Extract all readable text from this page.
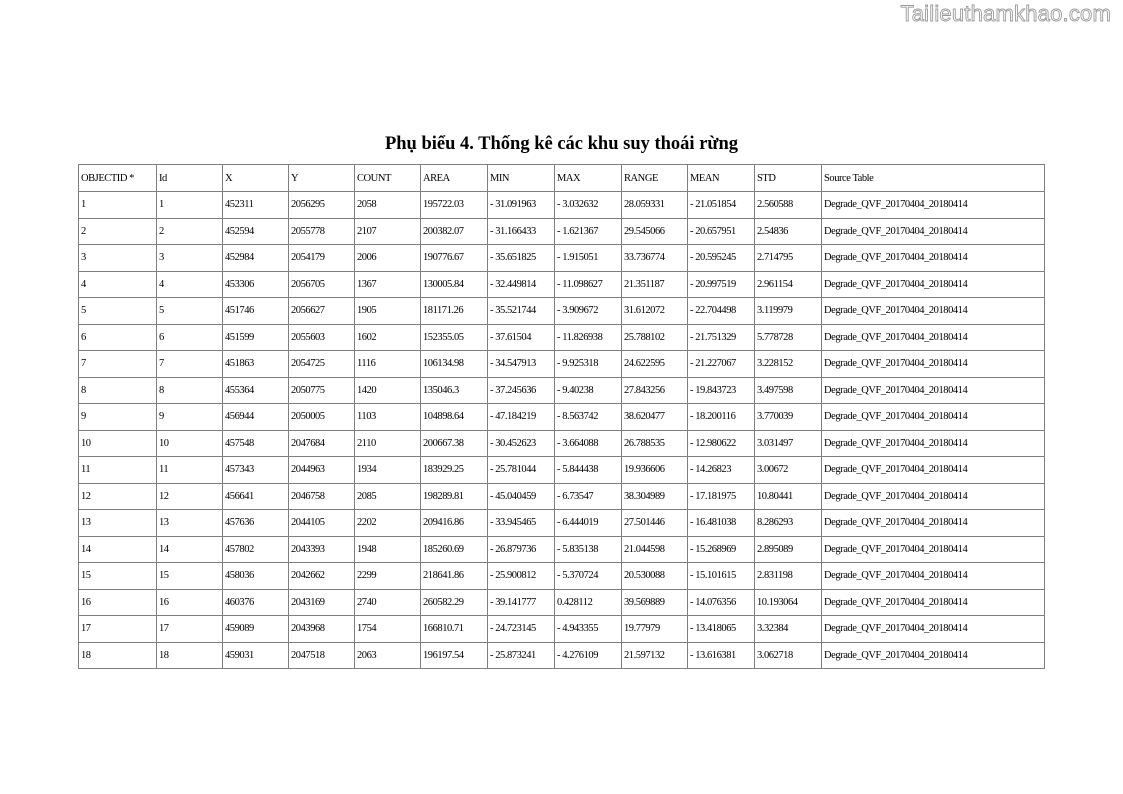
Tailieuthamkhao.com
Phụ biểu 4. Thống kê các khu suy thoái rừng
OBJECTID *	Id	X	Y	COUNT	AREA	MIN	MAX	RANGE	MEAN	STD	Source Table
1	1	452311	2056295	2058	195722.03	- 31.091963	- 3.032632	28.059331	- 21.051854	2.560588	Degrade_QVF_20170404_20180414
2	2	452594	2055778	2107	200382.07	- 31.166433	- 1.621367	29.545066	- 20.657951	2.54836	Degrade_QVF_20170404_20180414
3	3	452984	2054179	2006	190776.67	- 35.651825	- 1.915051	33.736774	- 20.595245	2.714795	Degrade_QVF_20170404_20180414
4	4	453306	2056705	1367	130005.84	- 32.449814	- 11.098627	21.351187	- 20.997519	2.961154	Degrade_QVF_20170404_20180414
5	5	451746	2056627	1905	181171.26	- 35.521744	- 3.909672	31.612072	- 22.704498	3.119979	Degrade_QVF_20170404_20180414
6	6	451599	2055603	1602	152355.05	- 37.61504	- 11.826938	25.788102	- 21.751329	5.778728	Degrade_QVF_20170404_20180414
7	7	451863	2054725	1116	106134.98	- 34.547913	- 9.925318	24.622595	- 21.227067	3.228152	Degrade_QVF_20170404_20180414
8	8	455364	2050775	1420	135046.3	- 37.245636	- 9.40238	27.843256	- 19.843723	3.497598	Degrade_QVF_20170404_20180414
9	9	456944	2050005	1103	104898.64	- 47.184219	- 8.563742	38.620477	- 18.200116	3.770039	Degrade_QVF_20170404_20180414
10	10	457548	2047684	2110	200667.38	- 30.452623	- 3.664088	26.788535	- 12.980622	3.031497	Degrade_QVF_20170404_20180414
11	11	457343	2044963	1934	183929.25	- 25.781044	- 5.844438	19.936606	- 14.26823	3.00672	Degrade_QVF_20170404_20180414
12	12	456641	2046758	2085	198289.81	- 45.040459	- 6.73547	38.304989	- 17.181975	10.80441	Degrade_QVF_20170404_20180414
13	13	457636	2044105	2202	209416.86	- 33.945465	- 6.444019	27.501446	- 16.481038	8.286293	Degrade_QVF_20170404_20180414
14	14	457802	2043393	1948	185260.69	- 26.879736	- 5.835138	21.044598	- 15.268969	2.895089	Degrade_QVF_20170404_20180414
15	15	458036	2042662	2299	218641.86	- 25.900812	- 5.370724	20.530088	- 15.101615	2.831198	Degrade_QVF_20170404_20180414
16	16	460376	2043169	2740	260582.29	- 39.141777	0.428112	39.569889	- 14.076356	10.193064	Degrade_QVF_20170404_20180414
17	17	459089	2043968	1754	166810.71	- 24.723145	- 4.943355	19.77979	- 13.418065	3.32384	Degrade_QVF_20170404_20180414
18	18	459031	2047518	2063	196197.54	- 25.873241	- 4.276109	21.597132	- 13.616381	3.062718	Degrade_QVF_20170404_20180414
